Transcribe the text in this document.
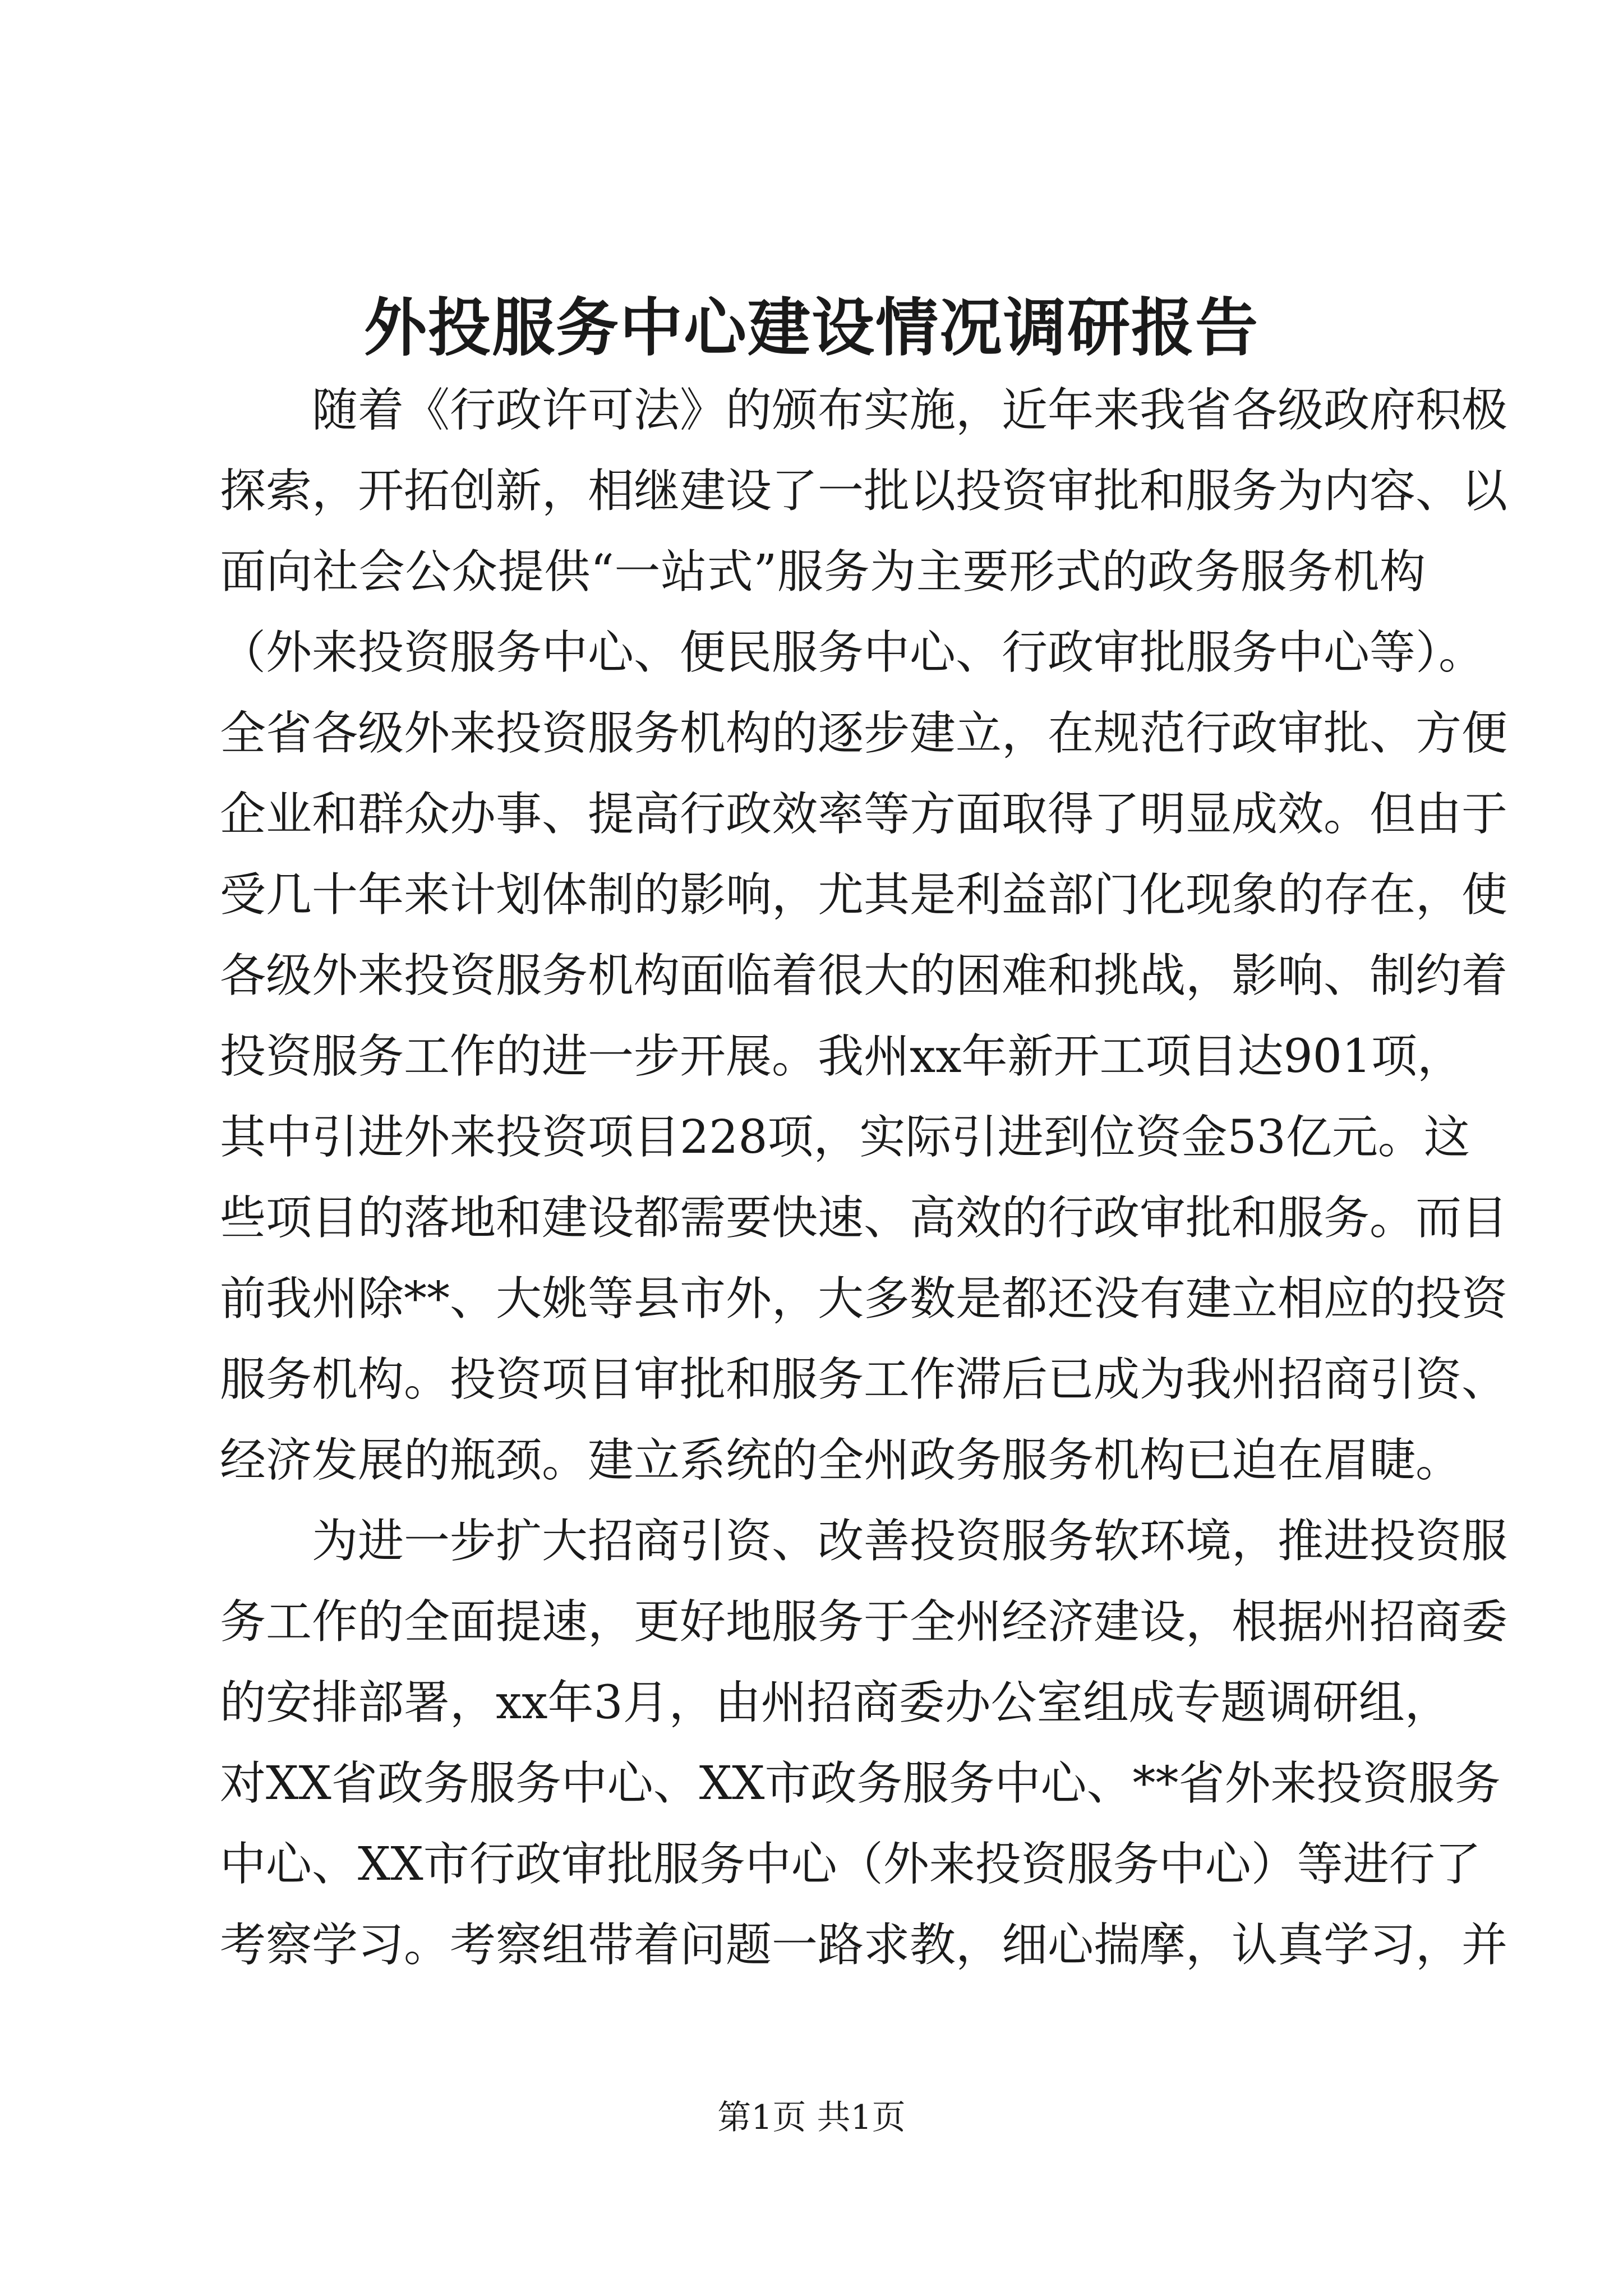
外投服务中心建设情况调研报告
随着《行政许可法》的颁布实施，近年来我省各级政府积极
探索，开拓创新，相继建设了一批以投资审批和服务为内容、以
面向社会公众提供“一站式”服务为主要形式的政务服务机构
（外来投资服务中心、便民服务中心、行政审批服务中心等）。
全省各级外来投资服务机构的逐步建立，在规范行政审批、方便
企业和群众办事、提高行政效率等方面取得了明显成效。但由于
受几十年来计划体制的影响，尤其是利益部门化现象的存在，使
各级外来投资服务机构面临着很大的困难和挑战，影响、制约着
投资服务工作的进一步开展。我州xx年新开工项目达901项，
其中引进外来投资项目228项，实际引进到位资金53亿元。这
些项目的落地和建设都需要快速、高效的行政审批和服务。而目
前我州除**、大姚等县市外，大多数是都还没有建立相应的投资
服务机构。投资项目审批和服务工作滞后已成为我州招商引资、
经济发展的瓶颈。建立系统的全州政务服务机构已迫在眉睫。
为进一步扩大招商引资、改善投资服务软环境，推进投资服
务工作的全面提速，更好地服务于全州经济建设，根据州招商委
的安排部署，xx年3月，由州招商委办公室组成专题调研组，
对XX省政务服务中心、XX市政务服务中心、**省外来投资服务
中心、XX市行政审批服务中心（外来投资服务中心）等进行了
考察学习。考察组带着问题一路求教，细心揣摩，认真学习，并

第1页 共1页
